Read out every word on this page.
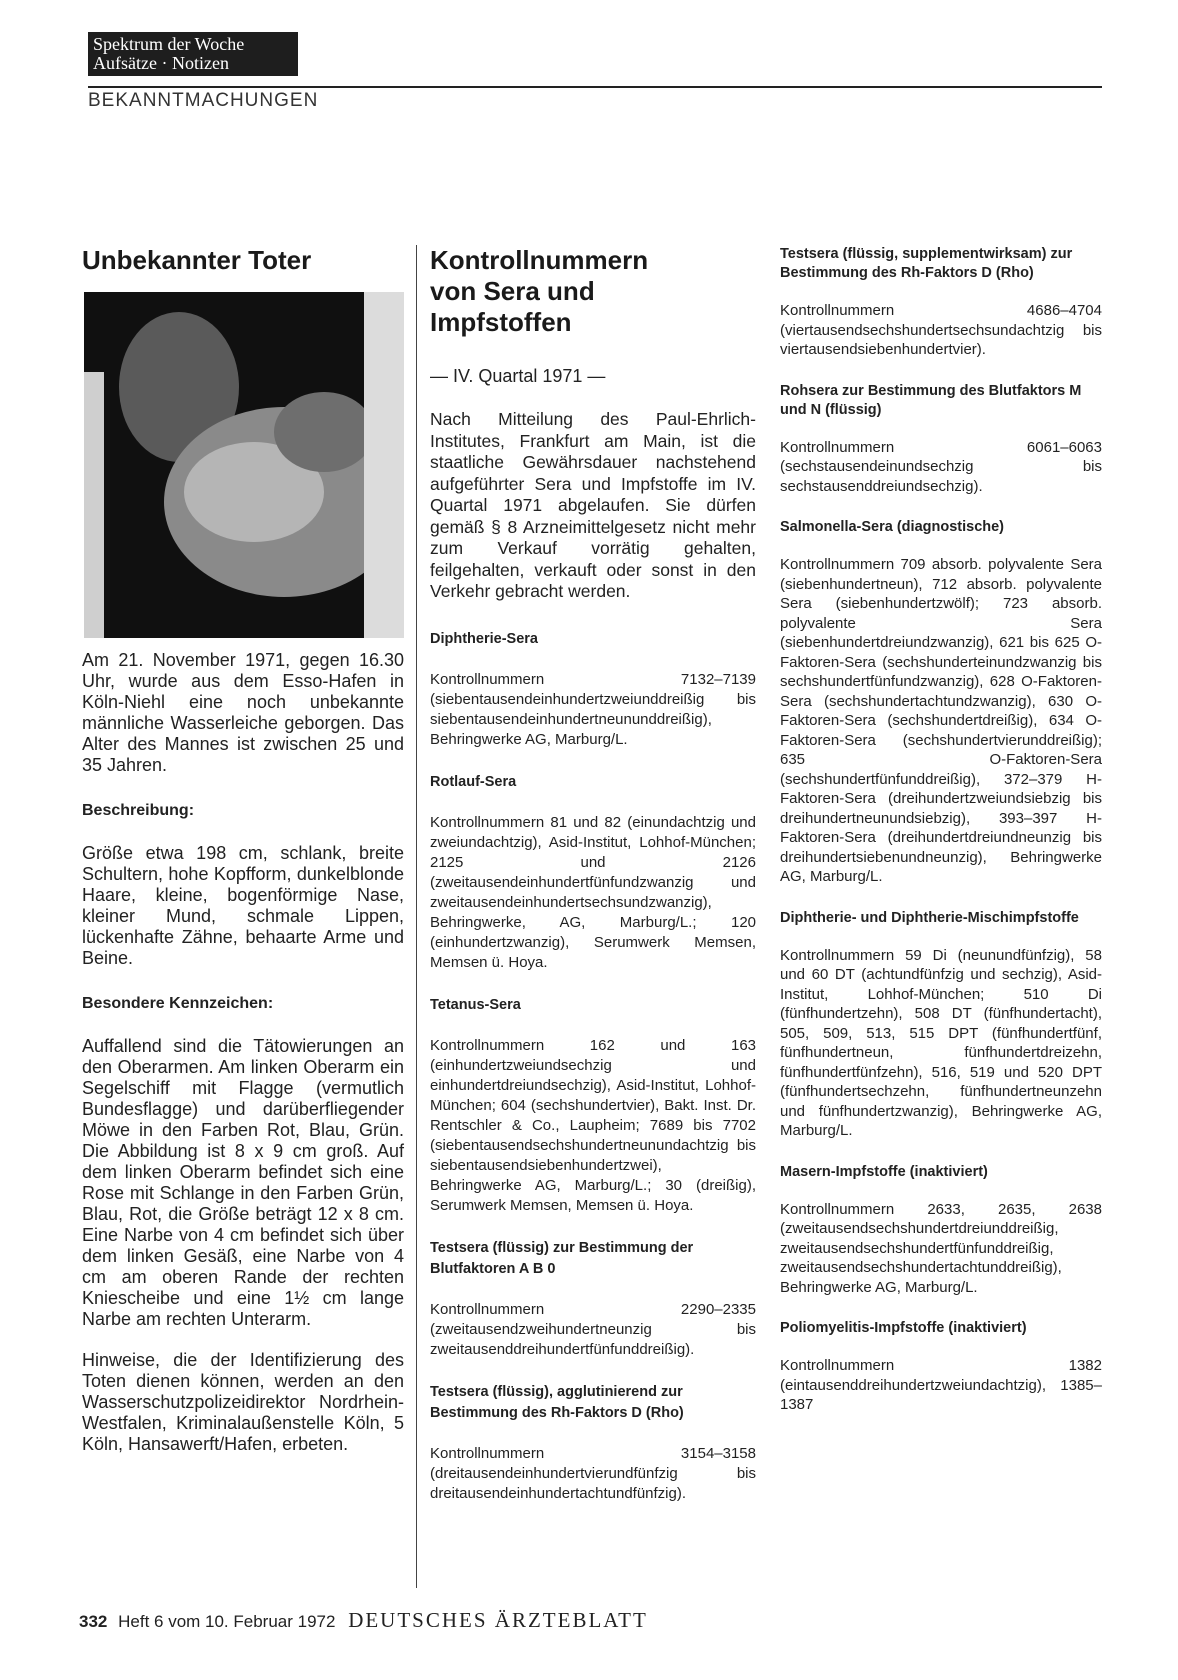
Spektrum der Woche
Aufsätze · Notizen
BEKANNTMACHUNGEN
Unbekannter Toter

Am 21. November 1971, gegen 16.30 Uhr, wurde aus dem Esso-Hafen in Köln-Niehl eine noch unbekannte männliche Wasserleiche geborgen. Das Alter des Mannes ist zwischen 25 und 35 Jahren.

Beschreibung:

Größe etwa 198 cm, schlank, breite Schultern, hohe Kopfform, dunkelblonde Haare, kleine, bogenförmige Nase, kleiner Mund, schmale Lippen, lückenhafte Zähne, behaarte Arme und Beine.

Besondere Kennzeichen:

Auffallend sind die Tätowierungen an den Oberarmen. Am linken Oberarm ein Segelschiff mit Flagge (vermutlich Bundesflagge) und darüberfliegender Möwe in den Farben Rot, Blau, Grün. Die Abbildung ist 8 x 9 cm groß. Auf dem linken Oberarm befindet sich eine Rose mit Schlange in den Farben Grün, Blau, Rot, die Größe beträgt 12 x 8 cm. Eine Narbe von 4 cm befindet sich über dem linken Gesäß, eine Narbe von 4 cm am oberen Rande der rechten Kniescheibe und eine 1½ cm lange Narbe am rechten Unterarm.

Hinweise, die der Identifizierung des Toten dienen können, werden an den Wasserschutzpolizeidirektor Nordrhein-Westfalen, Kriminalaußenstelle Köln, 5 Köln, Hansawerft/Hafen, erbeten.

Kontrollnummern
von Sera und
Impfstoffen
— IV. Quartal 1971 —

Nach Mitteilung des Paul-Ehrlich-Institutes, Frankfurt am Main, ist die staatliche Gewährsdauer nachstehend aufgeführter Sera und Impfstoffe im IV. Quartal 1971 abgelaufen. Sie dürfen gemäß § 8 Arzneimittelgesetz nicht mehr zum Verkauf vorrätig gehalten, feilgehalten, verkauft oder sonst in den Verkehr gebracht werden.

Diphtherie-Sera

Kontrollnummern 7132–7139 (siebentausendeinhundertzweiunddreißig bis siebentausendeinhundertneununddreißig), Behringwerke AG, Marburg/L.

Rotlauf-Sera

Kontrollnummern 81 und 82 (einundachtzig und zweiundachtzig), Asid-Institut, Lohhof-München; 2125 und 2126 (zweitausendeinhundertfünfundzwanzig und zweitausendeinhundertsechsundzwanzig), Behringwerke, AG, Marburg/L.; 120 (einhundertzwanzig), Serumwerk Memsen, Memsen ü. Hoya.

Tetanus-Sera

Kontrollnummern 162 und 163 (einhundertzweiundsechzig und einhundertdreiundsechzig), Asid-Institut, Lohhof-München; 604 (sechshundertvier), Bakt. Inst. Dr. Rentschler & Co., Laupheim; 7689 bis 7702 (siebentausendsechshundertneunundachtzig bis siebentausendsiebenhundertzwei), Behringwerke AG, Marburg/L.; 30 (dreißig), Serumwerk Memsen, Memsen ü. Hoya.

Testsera (flüssig) zur Bestimmung der Blutfaktoren A B 0

Kontrollnummern 2290–2335 (zweitausendzweihundertneunzig bis zweitausenddreihundertfünfunddreißig).

Testsera (flüssig), agglutinierend zur Bestimmung des Rh-Faktors D (Rho)

Kontrollnummern 3154–3158 (dreitausendeinhundertvierundfünfzig bis dreitausendeinhundertachtundfünfzig).

Testsera (flüssig, supplementwirksam) zur Bestimmung des Rh-Faktors D (Rho)

Kontrollnummern 4686–4704 (viertausendsechshundertsechsundachtzig bis viertausendsiebenhundertvier).

Rohsera zur Bestimmung des Blutfaktors M und N (flüssig)

Kontrollnummern 6061–6063 (sechstausendeinundsechzig bis sechstausenddreiundsechzig).

Salmonella-Sera (diagnostische)

Kontrollnummern 709 absorb. polyvalente Sera (siebenhundertneun), 712 absorb. polyvalente Sera (siebenhundertzwölf); 723 absorb. polyvalente Sera (siebenhundertdreiundzwanzig), 621 bis 625 O-Faktoren-Sera (sechshunderteinundzwanzig bis sechshundertfünfundzwanzig), 628 O-Faktoren-Sera (sechshundertachtundzwanzig), 630 O-Faktoren-Sera (sechshundertdreißig), 634 O-Faktoren-Sera (sechshundertvierunddreißig); 635 O-Faktoren-Sera (sechshundertfünfunddreißig), 372–379 H-Faktoren-Sera (dreihundertzweiundsiebzig bis dreihundertneunundsiebzig), 393–397 H-Faktoren-Sera (dreihundertdreiundneunzig bis dreihundertsiebenundneunzig), Behringwerke AG, Marburg/L.

Diphtherie- und Diphtherie-Mischimpfstoffe

Kontrollnummern 59 Di (neunundfünfzig), 58 und 60 DT (achtundfünfzig und sechzig), Asid-Institut, Lohhof-München; 510 Di (fünfhundertzehn), 508 DT (fünfhundertacht), 505, 509, 513, 515 DPT (fünfhundertfünf, fünfhundertneun, fünfhundertdreizehn, fünfhundertfünfzehn), 516, 519 und 520 DPT (fünfhundertsechzehn, fünfhundertneunzehn und fünfhundertzwanzig), Behringwerke AG, Marburg/L.

Masern-Impfstoffe (inaktiviert)

Kontrollnummern 2633, 2635, 2638 (zweitausendsechshundertdreiunddreißig, zweitausendsechshundertfünfunddreißig, zweitausendsechshundertachtunddreißig), Behringwerke AG, Marburg/L.

Poliomyelitis-Impfstoffe (inaktiviert)

Kontrollnummern 1382 (eintausenddreihundertzweiundachtzig), 1385–1387

332 Heft 6 vom 10. Februar 1972 DEUTSCHES ÄRZTEBLATT
